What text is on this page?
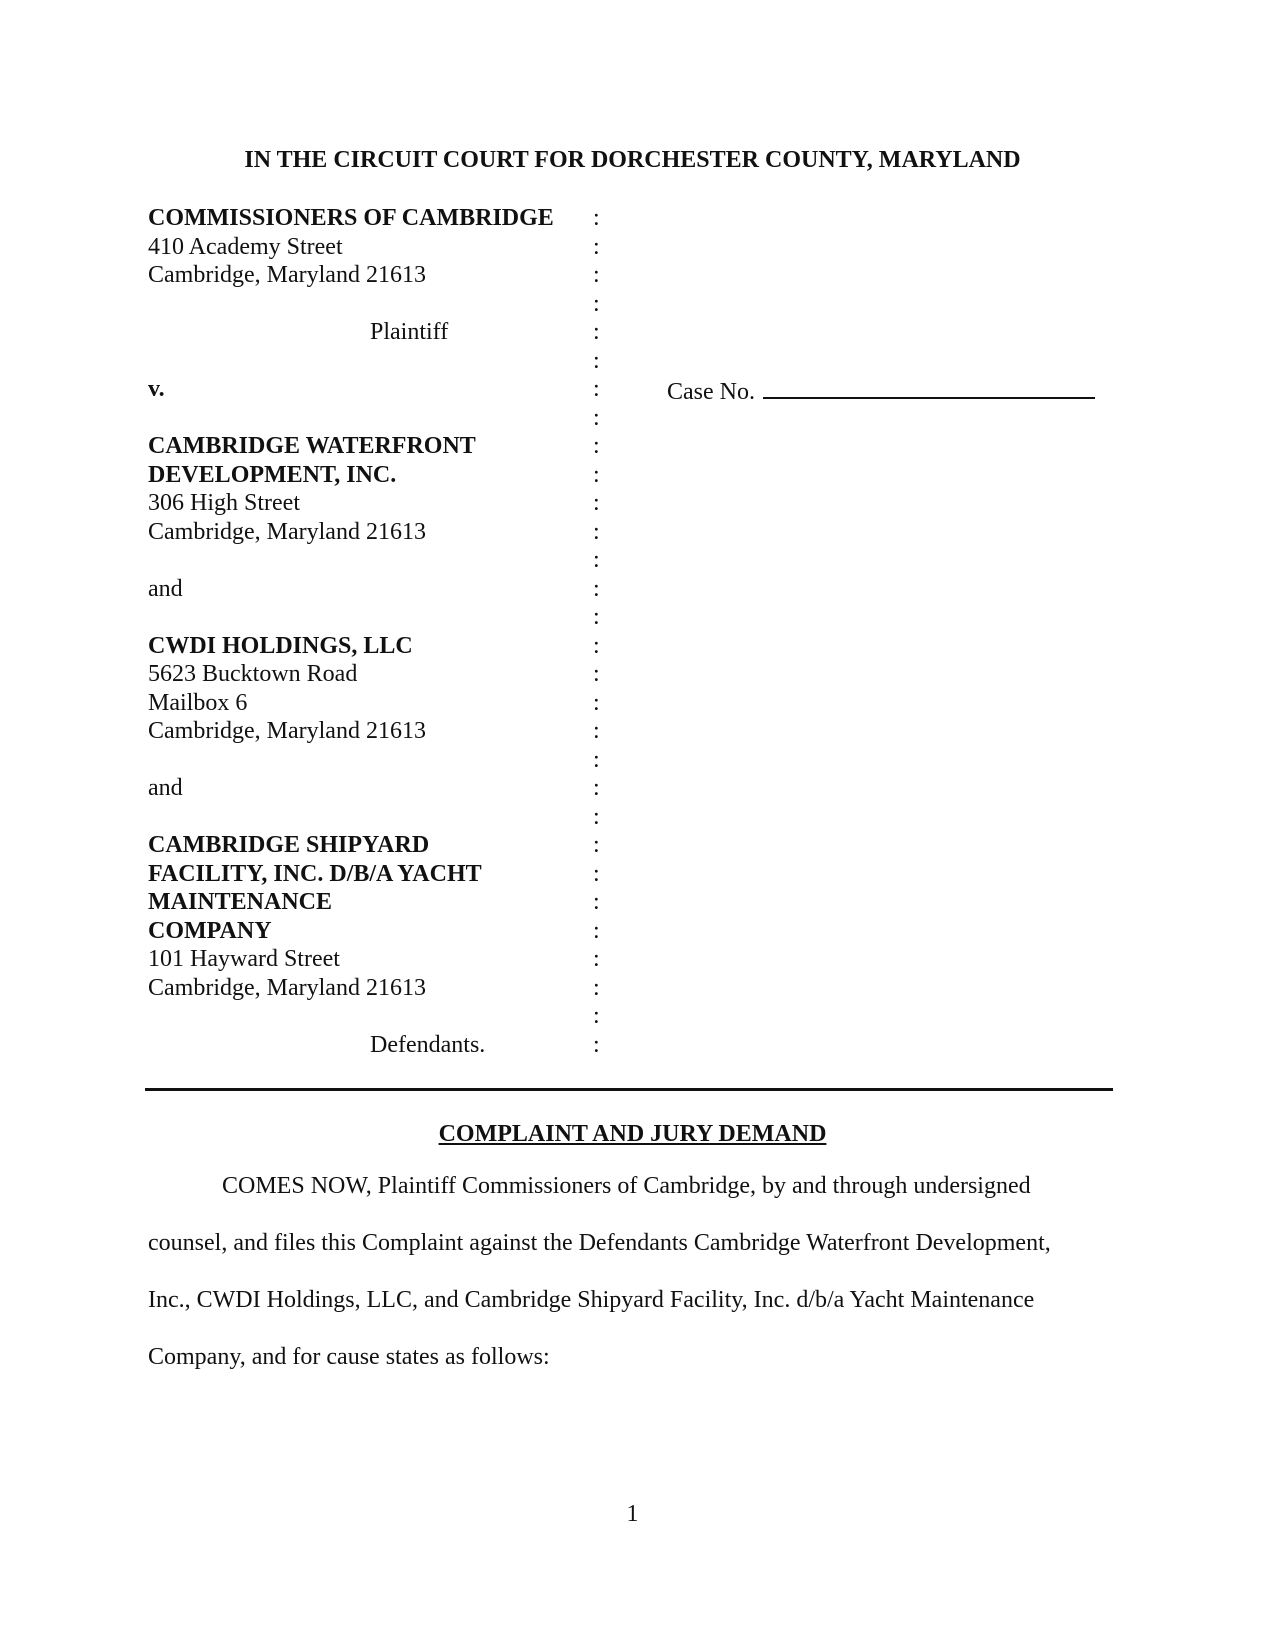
IN THE CIRCUIT COURT FOR DORCHESTER COUNTY, MARYLAND
COMMISSIONERS OF CAMBRIDGE
410 Academy Street
Cambridge, Maryland 21613
Plaintiff
v.
CAMBRIDGE WATERFRONT
DEVELOPMENT, INC.
306 High Street
Cambridge, Maryland 21613
and
CWDI HOLDINGS, LLC
5623 Bucktown Road
Mailbox 6
Cambridge, Maryland 21613
and
CAMBRIDGE SHIPYARD
FACILITY, INC. D/B/A YACHT
MAINTENANCE
COMPANY
101 Hayward Street
Cambridge, Maryland 21613
Defendants.
:
:
:
:
:
:
:
:
:
:
:
:
:
:
:
:
:
:
:
:
:
:
:
:
:
:
:
:
:
:
Case No.
COMPLAINT AND JURY DEMAND
COMES NOW, Plaintiff Commissioners of Cambridge, by and through undersigned
counsel, and files this Complaint against the Defendants Cambridge Waterfront Development,
Inc., CWDI Holdings, LLC, and Cambridge Shipyard Facility, Inc. d/b/a Yacht Maintenance
Company, and for cause states as follows:
1
